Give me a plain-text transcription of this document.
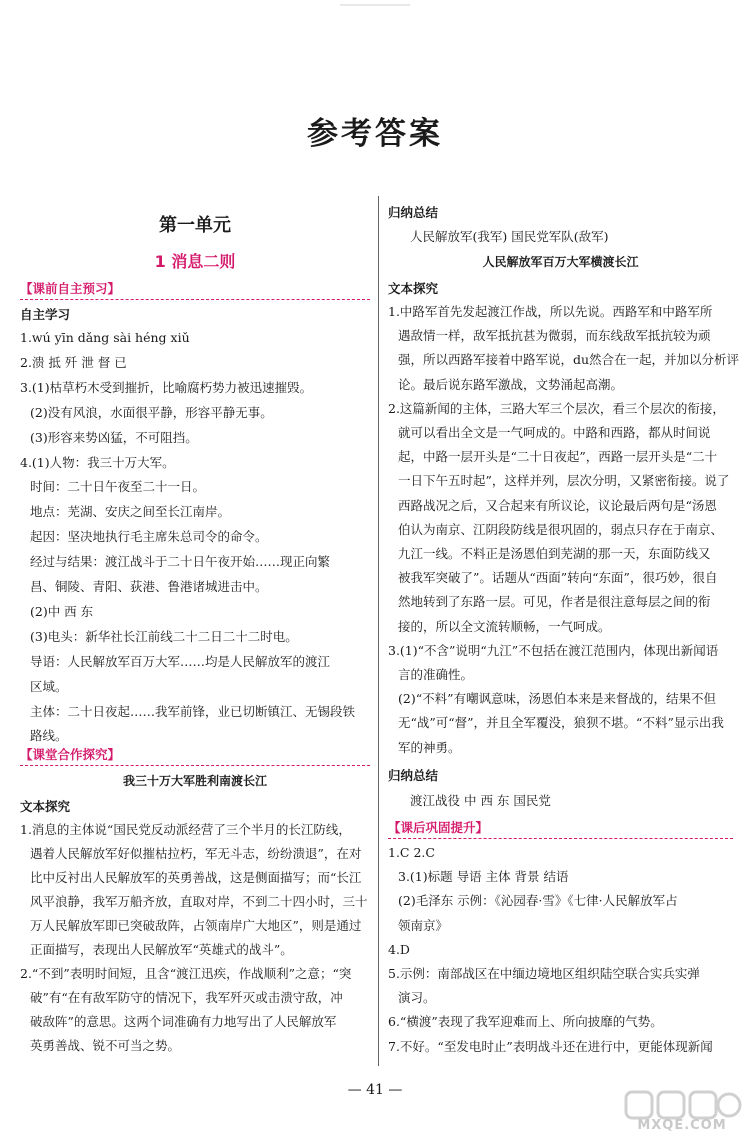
参考答案
第一单元
1 消息二则
【课前自主预习】
自主学习
1.wú yīn dǎng sài héng xiǔ
2.溃 抵 歼 泄 督 已
3.(1)枯草朽木受到摧折，比喻腐朽势力被迅速摧毁。
(2)没有风浪，水面很平静，形容平静无事。
(3)形容来势凶猛，不可阻挡。
4.(1)人物：我三十万大军。
时间：二十日午夜至二十一日。
地点：芜湖、安庆之间至长江南岸。
起因：坚决地执行毛主席朱总司令的命令。
经过与结果：渡江战斗于二十日午夜开始……现正向繁
昌、铜陵、青阳、荻港、鲁港诸城进击中。
(2)中 西 东
(3)电头：新华社长江前线二十二日二十二时电。
导语：人民解放军百万大军……均是人民解放军的渡江
区域。
主体：二十日夜起……我军前锋，业已切断镇江、无锡段铁
路线。
【课堂合作探究】
我三十万大军胜利南渡长江
文本探究
1.消息的主体说“国民党反动派经营了三个半月的长江防线，
遇着人民解放军好似摧枯拉朽，军无斗志，纷纷溃退”，在对
比中反衬出人民解放军的英勇善战，这是侧面描写；而“长江
风平浪静，我军万船齐放，直取对岸，不到二十四小时，三十
万人民解放军即已突破敌阵，占领南岸广大地区”，则是通过
正面描写，表现出人民解放军“英雄式的战斗”。
2.“不到”表明时间短，且含“渡江迅疾，作战顺利”之意；“突
破”有“在有敌军防守的情况下，我军歼灭或击溃守敌，冲
破敌阵”的意思。这两个词准确有力地写出了人民解放军
英勇善战、锐不可当之势。
归纳总结
人民解放军(我军) 国民党军队(敌军)
人民解放军百万大军横渡长江
文本探究
1.中路军首先发起渡江作战，所以先说。西路军和中路军所
遇敌情一样，敌军抵抗甚为微弱，而东线敌军抵抗较为顽
强，所以西路军接着中路军说，du然合在一起，并加以分析评
论。最后说东路军激战，文势涌起高潮。
2.这篇新闻的主体，三路大军三个层次，看三个层次的衔接，
就可以看出全文是一气呵成的。中路和西路，都从时间说
起，中路一层开头是“二十日夜起”，西路一层开头是“二十
一日下午五时起”，这样并列，层次分明，又紧密衔接。说了
西路战况之后，又合起来有所议论，议论最后两句是“汤恩
伯认为南京、江阴段防线是很巩固的，弱点只存在于南京、
九江一线。不料正是汤恩伯到芜湖的那一天，东面防线又
被我军突破了”。话题从“西面”转向“东面”，很巧妙，很自
然地转到了东路一层。可见，作者是很注意每层之间的衔
接的，所以全文流转顺畅，一气呵成。
3.(1)“不含”说明“九江”不包括在渡江范围内，体现出新闻语
言的准确性。
(2)“不料”有嘲讽意味，汤恩伯本来是来督战的，结果不但
无“战”可“督”，并且全军覆没，狼狈不堪。“不料”显示出我
军的神勇。
归纳总结
渡江战役 中 西 东 国民党
【课后巩固提升】
1.C 2.C
3.(1)标题 导语 主体 背景 结语
(2)毛泽东 示例：《沁园春·雪》《七律·人民解放军占
领南京》
4.D
5.示例：南部战区在中缅边境地区组织陆空联合实兵实弹
演习。
6.“横渡”表现了我军迎难而上、所向披靡的气势。
7.不好。“至发电时止”表明战斗还在进行中，更能体现新闻
— 41 —
MXQE.COM
